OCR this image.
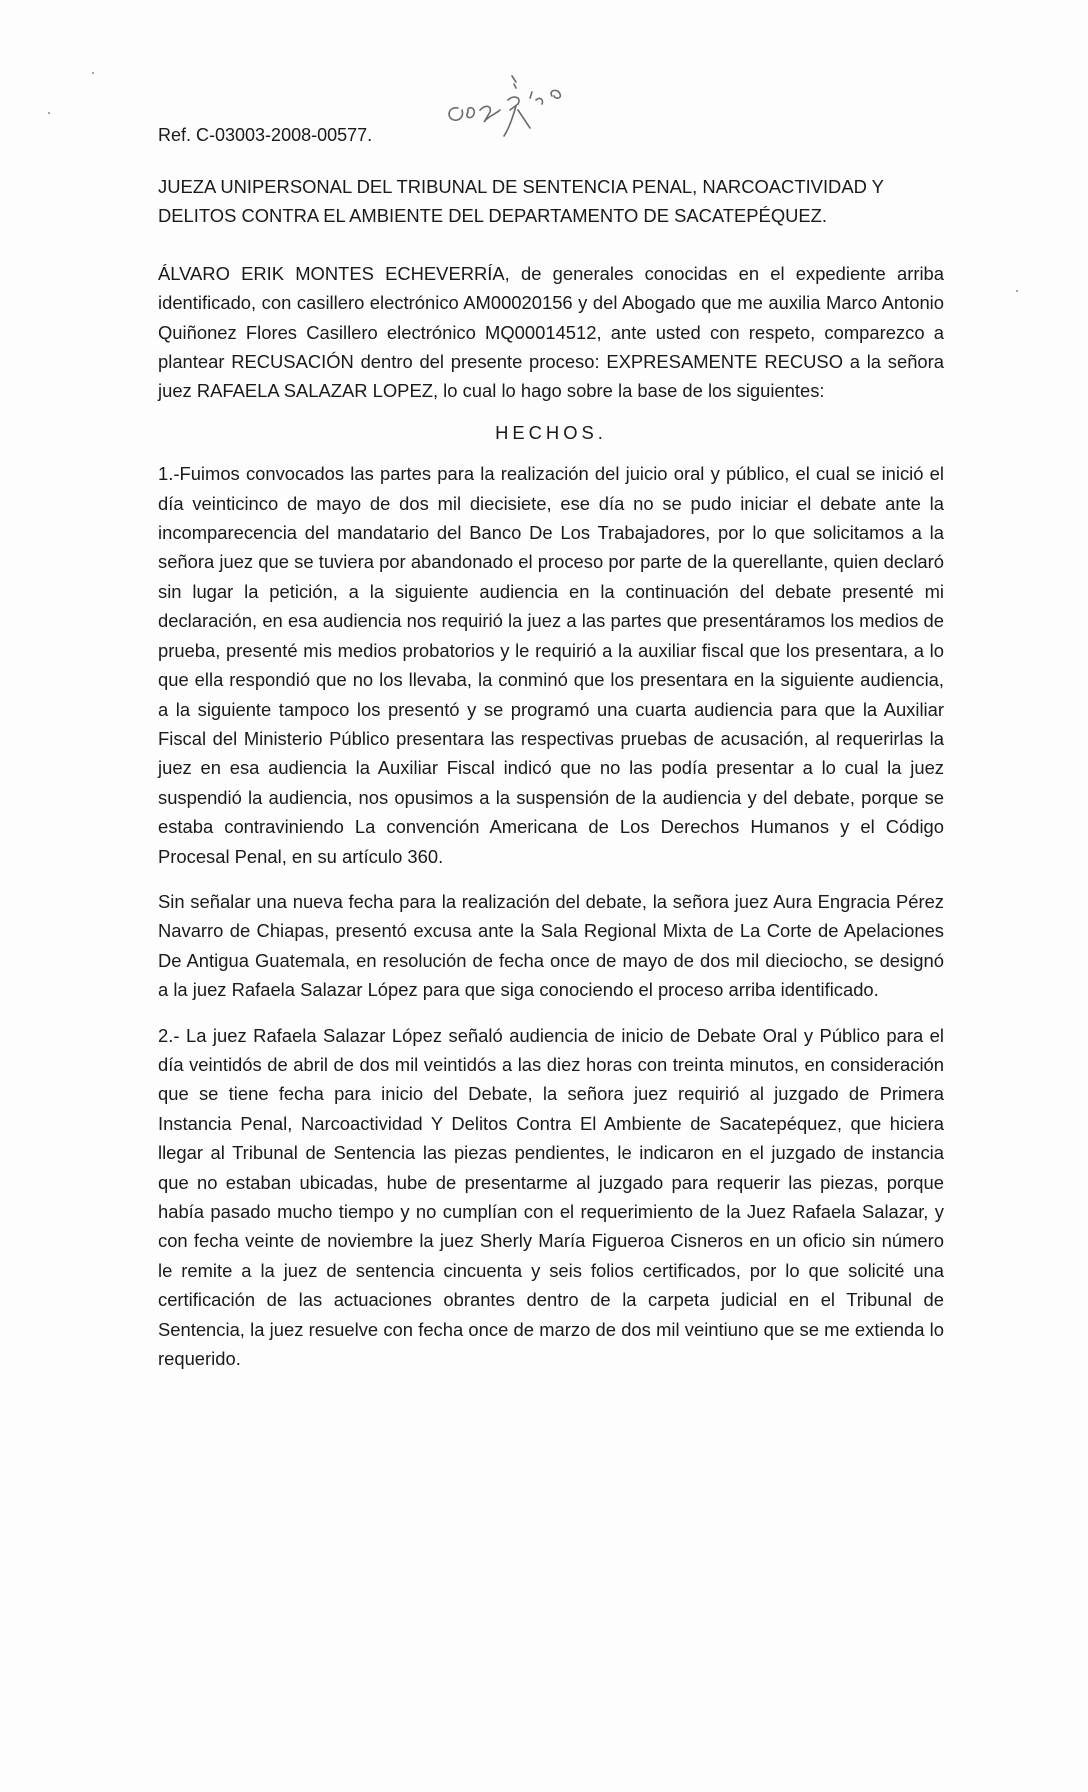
Ref. C-03003-2008-00577.

JUEZA UNIPERSONAL DEL TRIBUNAL DE SENTENCIA PENAL, NARCOACTIVIDAD Y DELITOS CONTRA EL AMBIENTE DEL DEPARTAMENTO DE SACATEPÉQUEZ.

ÁLVARO ERIK MONTES ECHEVERRÍA, de generales conocidas en el expediente arriba identificado, con casillero electrónico AM00020156 y del Abogado que me auxilia Marco Antonio Quiñonez Flores Casillero electrónico MQ00014512, ante usted con respeto, comparezco a plantear RECUSACIÓN dentro del presente proceso: EXPRESAMENTE RECUSO a la señora juez RAFAELA SALAZAR LOPEZ, lo cual lo hago sobre la base de los siguientes:

HECHOS.

1.-Fuimos convocados las partes para la realización del juicio oral y público, el cual se inició el día veinticinco de mayo de dos mil diecisiete, ese día no se pudo iniciar el debate ante la incomparecencia del mandatario del Banco De Los Trabajadores, por lo que solicitamos a la señora juez que se tuviera por abandonado el proceso por parte de la querellante, quien declaró sin lugar la petición, a la siguiente audiencia en la continuación del debate presenté mi declaración, en esa audiencia nos requirió la juez a las partes que presentáramos los medios de prueba, presenté mis medios probatorios y le requirió a la auxiliar fiscal que los presentara, a lo que ella respondió que no los llevaba, la conminó que los presentara en la siguiente audiencia, a la siguiente tampoco los presentó y se programó una cuarta audiencia para que la Auxiliar Fiscal del Ministerio Público presentara las respectivas pruebas de acusación, al requerirlas la juez en esa audiencia la Auxiliar Fiscal indicó que no las podía presentar a lo cual la juez suspendió la audiencia, nos opusimos a la suspensión de la audiencia y del debate, porque se estaba contraviniendo La convención Americana de Los Derechos Humanos y el Código Procesal Penal, en su artículo 360.

Sin señalar una nueva fecha para la realización del debate, la señora juez Aura Engracia Pérez Navarro de Chiapas, presentó excusa ante la Sala Regional Mixta de La Corte de Apelaciones De Antigua Guatemala, en resolución de fecha once de mayo de dos mil dieciocho, se designó a la juez Rafaela Salazar López para que siga conociendo el proceso arriba identificado.

2.- La juez Rafaela Salazar López señaló audiencia de inicio de Debate Oral y Público para el día veintidós de abril de dos mil veintidós a las diez horas con treinta minutos, en consideración que se tiene fecha para inicio del Debate, la señora juez requirió al juzgado de Primera Instancia Penal, Narcoactividad Y Delitos Contra El Ambiente de Sacatepéquez, que hiciera llegar al Tribunal de Sentencia las piezas pendientes, le indicaron en el juzgado de instancia que no estaban ubicadas, hube de presentarme al juzgado para requerir las piezas, porque había pasado mucho tiempo y no cumplían con el requerimiento de la Juez Rafaela Salazar, y con fecha veinte de noviembre la juez Sherly María Figueroa Cisneros en un oficio sin número le remite a la juez de sentencia cincuenta y seis folios certificados, por lo que solicité una certificación de las actuaciones obrantes dentro de la carpeta judicial en el Tribunal de Sentencia, la juez resuelve con fecha once de marzo de dos mil veintiuno que se me extienda lo requerido.
